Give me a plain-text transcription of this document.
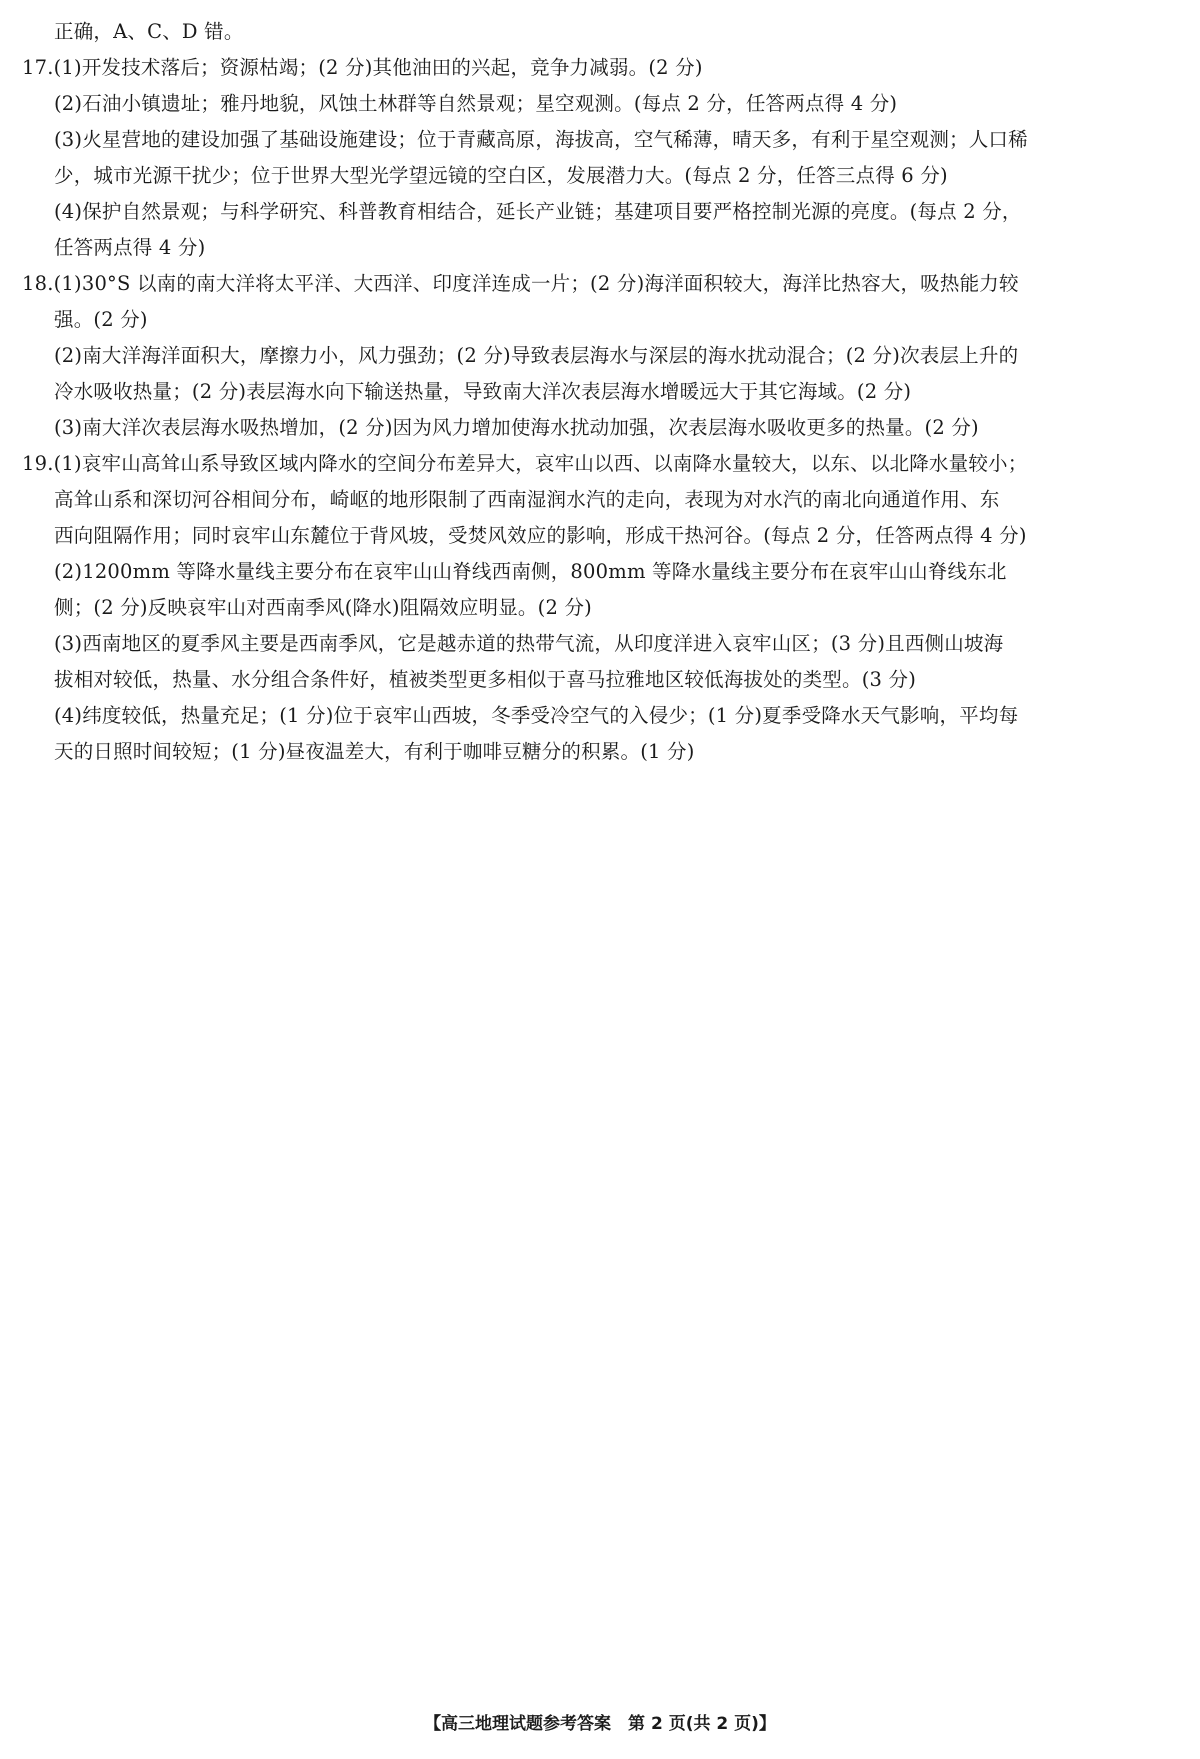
正确，A、C、D 错。
17.(1)开发技术落后；资源枯竭；(2 分)其他油田的兴起，竞争力减弱。(2 分)
(2)石油小镇遗址；雅丹地貌，风蚀土林群等自然景观；星空观测。(每点 2 分，任答两点得 4 分)
(3)火星营地的建设加强了基础设施建设；位于青藏高原，海拔高，空气稀薄，晴天多，有利于星空观测；人口稀
少，城市光源干扰少；位于世界大型光学望远镜的空白区，发展潜力大。(每点 2 分，任答三点得 6 分)
(4)保护自然景观；与科学研究、科普教育相结合，延长产业链；基建项目要严格控制光源的亮度。(每点 2 分，
任答两点得 4 分)
18.(1)30°S 以南的南大洋将太平洋、大西洋、印度洋连成一片；(2 分)海洋面积较大，海洋比热容大，吸热能力较
强。(2 分)
(2)南大洋海洋面积大，摩擦力小，风力强劲；(2 分)导致表层海水与深层的海水扰动混合；(2 分)次表层上升的
冷水吸收热量；(2 分)表层海水向下输送热量，导致南大洋次表层海水增暖远大于其它海域。(2 分)
(3)南大洋次表层海水吸热增加，(2 分)因为风力增加使海水扰动加强，次表层海水吸收更多的热量。(2 分)
19.(1)哀牢山高耸山系导致区域内降水的空间分布差异大，哀牢山以西、以南降水量较大，以东、以北降水量较小；
高耸山系和深切河谷相间分布，崎岖的地形限制了西南湿润水汽的走向，表现为对水汽的南北向通道作用、东
西向阻隔作用；同时哀牢山东麓位于背风坡，受焚风效应的影响，形成干热河谷。(每点 2 分，任答两点得 4 分)
(2)1200mm 等降水量线主要分布在哀牢山山脊线西南侧，800mm 等降水量线主要分布在哀牢山山脊线东北
侧；(2 分)反映哀牢山对西南季风(降水)阻隔效应明显。(2 分)
(3)西南地区的夏季风主要是西南季风，它是越赤道的热带气流，从印度洋进入哀牢山区；(3 分)且西侧山坡海
拔相对较低，热量、水分组合条件好，植被类型更多相似于喜马拉雅地区较低海拔处的类型。(3 分)
(4)纬度较低，热量充足；(1 分)位于哀牢山西坡，冬季受冷空气的入侵少；(1 分)夏季受降水天气影响，平均每
天的日照时间较短；(1 分)昼夜温差大，有利于咖啡豆糖分的积累。(1 分)
【高三地理试题参考答案　第 2 页(共 2 页)】
